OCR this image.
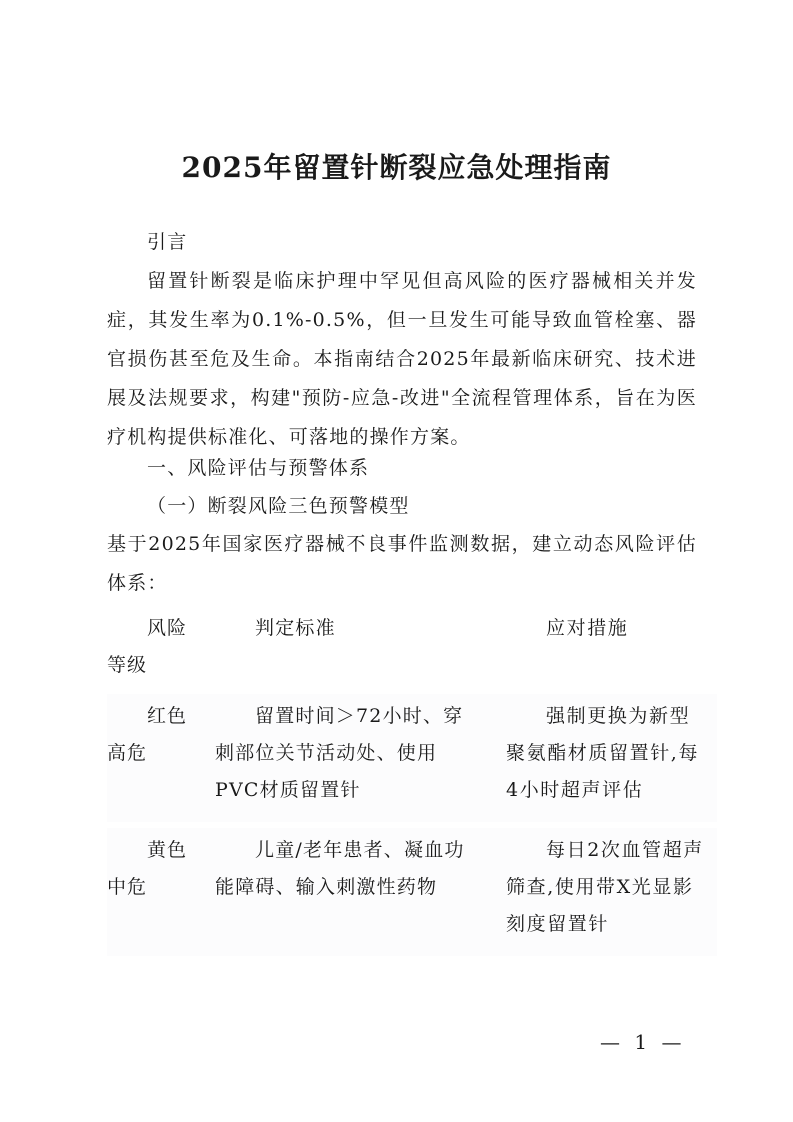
2025年留置针断裂应急处理指南
引言
留置针断裂是临床护理中罕见但高风险的医疗器械相关并发症，其发生率为0.1%-0.5%，但一旦发生可能导致血管栓塞、器官损伤甚至危及生命。本指南结合2025年最新临床研究、技术进展及法规要求，构建"预防-应急-改进"全流程管理体系，旨在为医疗机构提供标准化、可落地的操作方案。
一、风险评估与预警体系
（一）断裂风险三色预警模型
基于2025年国家医疗器械不良事件监测数据，建立动态风险评估体系：
风险等级
判定标准	应对措施
红色高危
留置时间＞72小时、穿刺部位关节活动处、使用PVC材质留置针
强制更换为新型聚氨酯材质留置针,每4小时超声评估
黄色中危
儿童/老年患者、凝血功能障碍、输入刺激性药物
每日2次血管超声筛查,使用带X光显影刻度留置针
— 1 —
